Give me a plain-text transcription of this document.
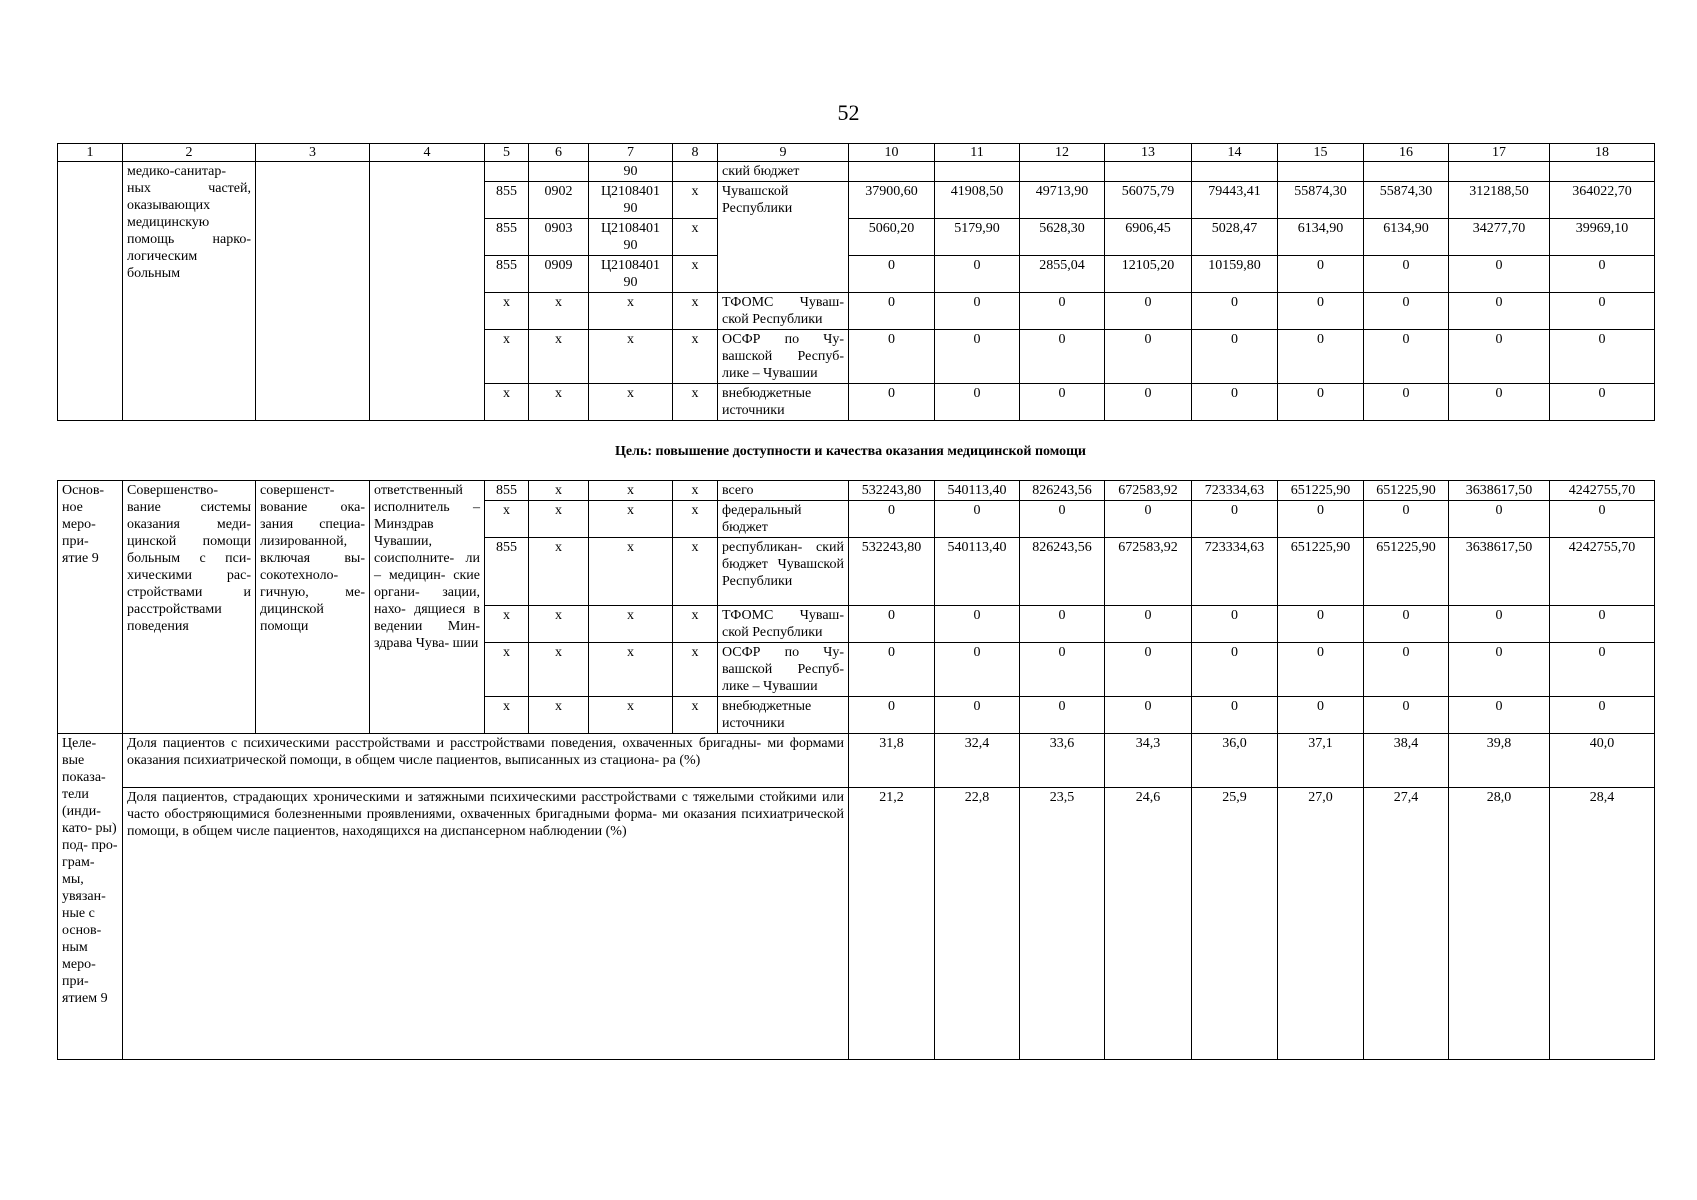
52
1	2	3	4	5	6	7	8	9	10	11	12	13	14	15	16	17	18
	медико-санитар- ных частей, оказывающих медицинскую помощь нарко- логическим больным					90		ский бюджет									
				855	0902	Ц2108401 90	х	Чувашской Республики	37900,60	41908,50	49713,90	56075,79	79443,41	55874,30	55874,30	312188,50	364022,70
				855	0903	Ц2108401 90	х		5060,20	5179,90	5628,30	6906,45	5028,47	6134,90	6134,90	34277,70	39969,10
				855	0909	Ц2108401 90	х		0	0	2855,04	12105,20	10159,80	0	0	0	0
				х	х	х	х	ТФОМС Чуваш- ской Республики	0	0	0	0	0	0	0	0	0
				х	х	х	х	ОСФР по Чу- вашской Респуб- лике – Чувашии	0	0	0	0	0	0	0	0	0
				х	х	х	х	внебюджетные источники	0	0	0	0	0	0	0	0	0
Цель: повышение доступности и качества оказания медицинской помощи
Основ- ное меро- при- ятие 9	Совершенство- вание системы оказания меди- цинской помощи больным с пси- хическими рас- стройствами и расстройствами поведения	совершенст- вование ока- зания специа- лизированной, включая вы- сокотехноло- гичную, ме- дицинской помощи	ответственный исполнитель – Минздрав Чувашии, соисполните- ли – медицин- ские органи- зации, нахо- дящиеся в ведении Мин- здрава Чува- шии	855	х	х	х	всего	532243,80	540113,40	826243,56	672583,92	723334,63	651225,90	651225,90	3638617,50	4242755,70
				х	х	х	х	федеральный бюджет	0	0	0	0	0	0	0	0	0
				855	х	х	х	республикан- ский бюджет Чувашской Республики	532243,80	540113,40	826243,56	672583,92	723334,63	651225,90	651225,90	3638617,50	4242755,70
				х	х	х	х	ТФОМС Чуваш- ской Республики	0	0	0	0	0	0	0	0	0
				х	х	х	х	ОСФР по Чу- вашской Респуб- лике – Чувашии	0	0	0	0	0	0	0	0	0
				х	х	х	х	внебюджетные источники	0	0	0	0	0	0	0	0	0
Целе- вые показа- тели (инди- като- ры) под- про- грам- мы, увязан- ные с основ- ным меро- при- ятием 9	Доля пациентов с психическими расстройствами и расстройствами поведения, охваченных бригадны- ми формами оказания психиатрической помощи, в общем числе пациентов, выписанных из стациона- ра (%)								31,8	32,4	33,6	34,3	36,0	37,1	38,4	39,8	40,0
	Доля пациентов, страдающих хроническими и затяжными психическими расстройствами с тяжелыми стойкими или часто обостряющимися болезненными проявлениями, охваченных бригадными форма- ми оказания психиатрической помощи, в общем числе пациентов, находящихся на диспансерном наблюдении (%)								21,2	22,8	23,5	24,6	25,9	27,0	27,4	28,0	28,4
